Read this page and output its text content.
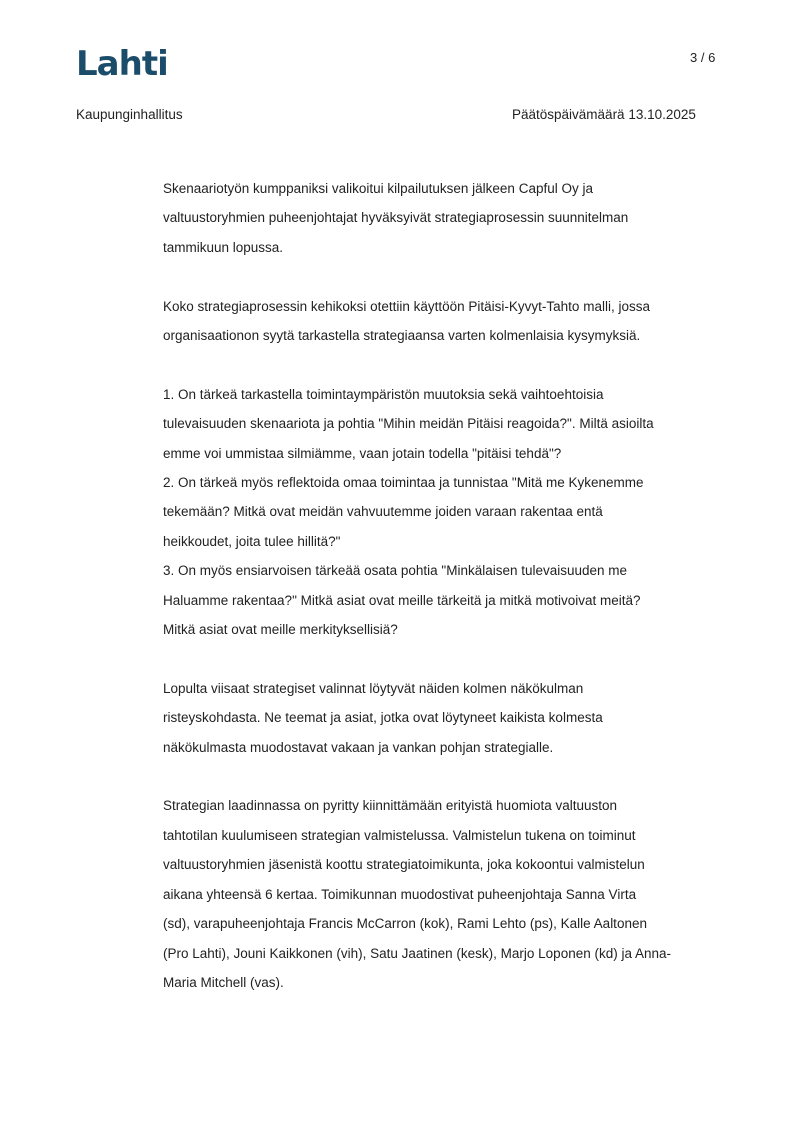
Lahti	3 / 6
Kaupunginhallitus	Päätöspäivämäärä 13.10.2025

Skenaariotyön kumppaniksi valikoitui kilpailutuksen jälkeen Capful Oy ja
valtuustoryhmien puheenjohtajat hyväksyivät strategiaprosessin suunnitelman
tammikuun lopussa.

Koko strategiaprosessin kehikoksi otettiin käyttöön Pitäisi-Kyvyt-Tahto malli, jossa
organisaationon syytä tarkastella strategiaansa varten kolmenlaisia kysymyksiä.

1. On tärkeä tarkastella toimintaympäristön muutoksia sekä vaihtoehtoisia
tulevaisuuden skenaariota ja pohtia "Mihin meidän Pitäisi reagoida?". Miltä asioilta
emme voi ummistaa silmiämme, vaan jotain todella "pitäisi tehdä"?
2. On tärkeä myös reflektoida omaa toimintaa ja tunnistaa "Mitä me Kykenemme
tekemään? Mitkä ovat meidän vahvuutemme joiden varaan rakentaa entä
heikkoudet, joita tulee hillitä?"
3. On myös ensiarvoisen tärkeää osata pohtia "Minkälaisen tulevaisuuden me
Haluamme rakentaa?" Mitkä asiat ovat meille tärkeitä ja mitkä motivoivat meitä?
Mitkä asiat ovat meille merkityksellisiä?

Lopulta viisaat strategiset valinnat löytyvät näiden kolmen näkökulman
risteyskohdasta. Ne teemat ja asiat, jotka ovat löytyneet kaikista kolmesta
näkökulmasta muodostavat vakaan ja vankan pohjan strategialle.

Strategian laadinnassa on pyritty kiinnittämään erityistä huomiota valtuuston
tahtotilan kuulumiseen strategian valmistelussa. Valmistelun tukena on toiminut
valtuustoryhmien jäsenistä koottu strategiatoimikunta, joka kokoontui valmistelun
aikana yhteensä 6 kertaa. Toimikunnan muodostivat puheenjohtaja Sanna Virta
(sd), varapuheenjohtaja Francis McCarron (kok), Rami Lehto (ps), Kalle Aaltonen
(Pro Lahti), Jouni Kaikkonen (vih), Satu Jaatinen (kesk), Marjo Loponen (kd) ja Anna-
Maria Mitchell (vas).
